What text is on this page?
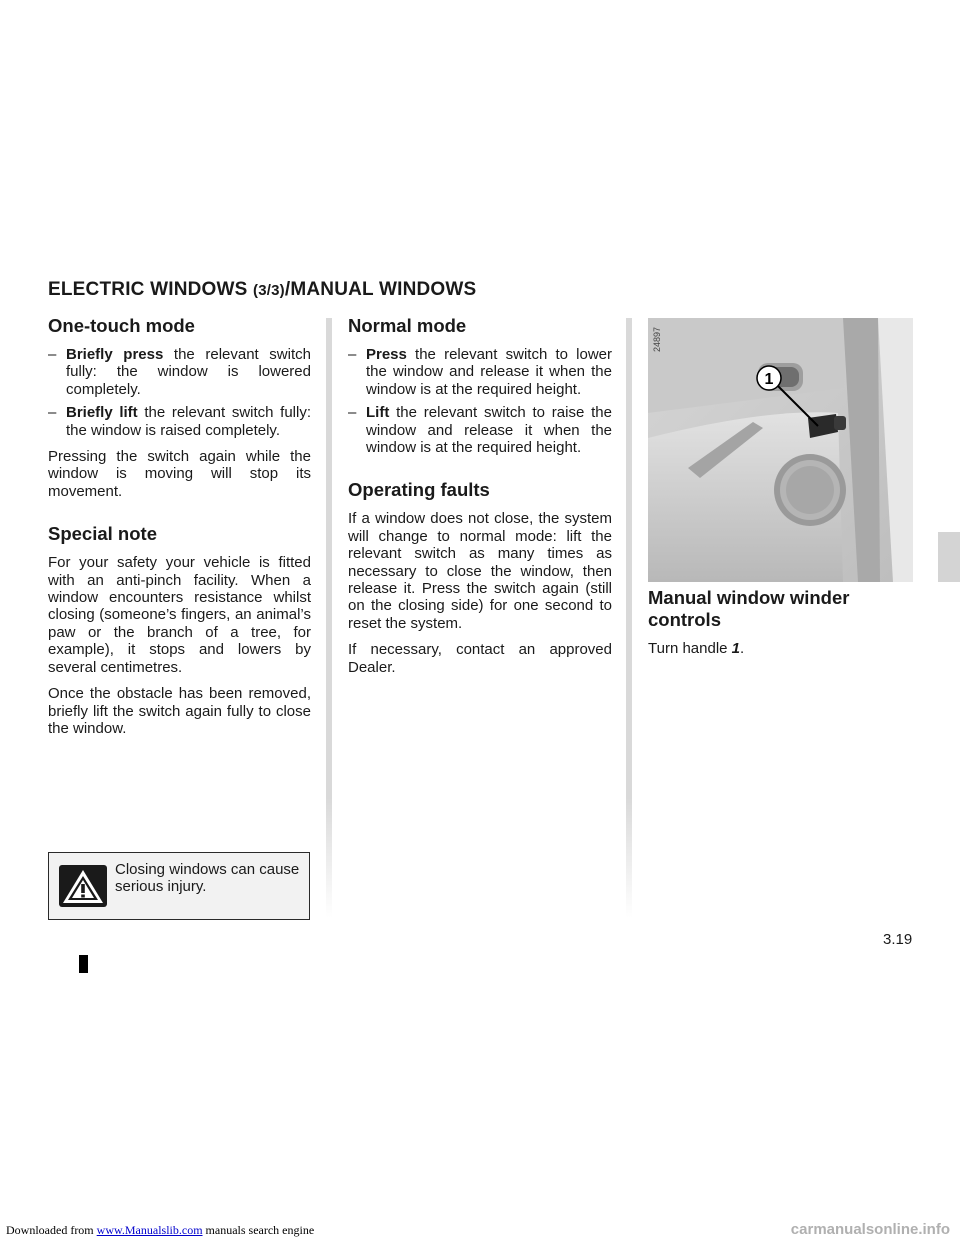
ELECTRIC WINDOWS (3/3)/MANUAL WINDOWS
One-touch mode
– Briefly press the relevant switch fully: the window is lowered completely.
– Briefly lift the relevant switch fully: the window is raised completely.

Pressing the switch again while the window is moving will stop its movement.

Special note

For your safety your vehicle is fitted with an anti-pinch facility. When a window encounters resistance whilst closing (someone’s fingers, an animal’s paw or the branch of a tree, for example), it stops and lowers by several centimetres.

Once the obstacle has been removed, briefly lift the switch again fully to close the window.

Closing windows can cause serious injury.

Normal mode
– Press the relevant switch to lower the window and release it when the window is at the required height.
– Lift the relevant switch to raise the window and release it when the window is at the required height.
Operating faults

If a window does not close, the system will change to normal mode: lift the relevant switch as many times as necessary to close the window, then release it. Press the switch again (still on the closing side) for one second to reset the system.

If necessary, contact an approved Dealer.

1
24897
Manual window winder controls

Turn handle 1.

3.19
Downloaded from www.Manualslib.com manuals search engine	carmanualsonline.info
